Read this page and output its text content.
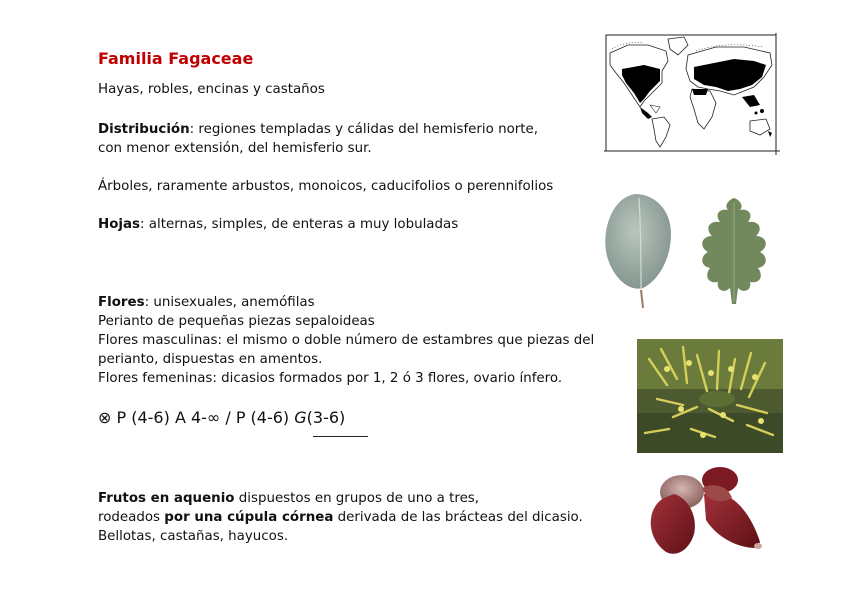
Familia Fagaceae
Hayas, robles, encinas y castaños
Distribución: regiones templadas y cálidas del hemisferio norte,
con menor extensión, del hemisferio sur.
Árboles, raramente arbustos, monoicos, caducifolios o perennifolios
Hojas: alternas, simples, de enteras a muy lobuladas
Flores: unisexuales, anemófilas
Perianto de pequeñas piezas sepaloideas
Flores masculinas: el mismo o doble número de estambres que piezas del
perianto, dispuestas en amentos.
Flores femeninas: dicasios formados por 1, 2 ó 3 flores, ovario ínfero.
⊗ P (4-6) A 4-∞ / P (4-6) G(3-6)
Frutos en aquenio dispuestos en grupos de uno a tres,
rodeados por una cúpula córnea derivada de las brácteas del dicasio.
Bellotas, castañas, hayucos.
